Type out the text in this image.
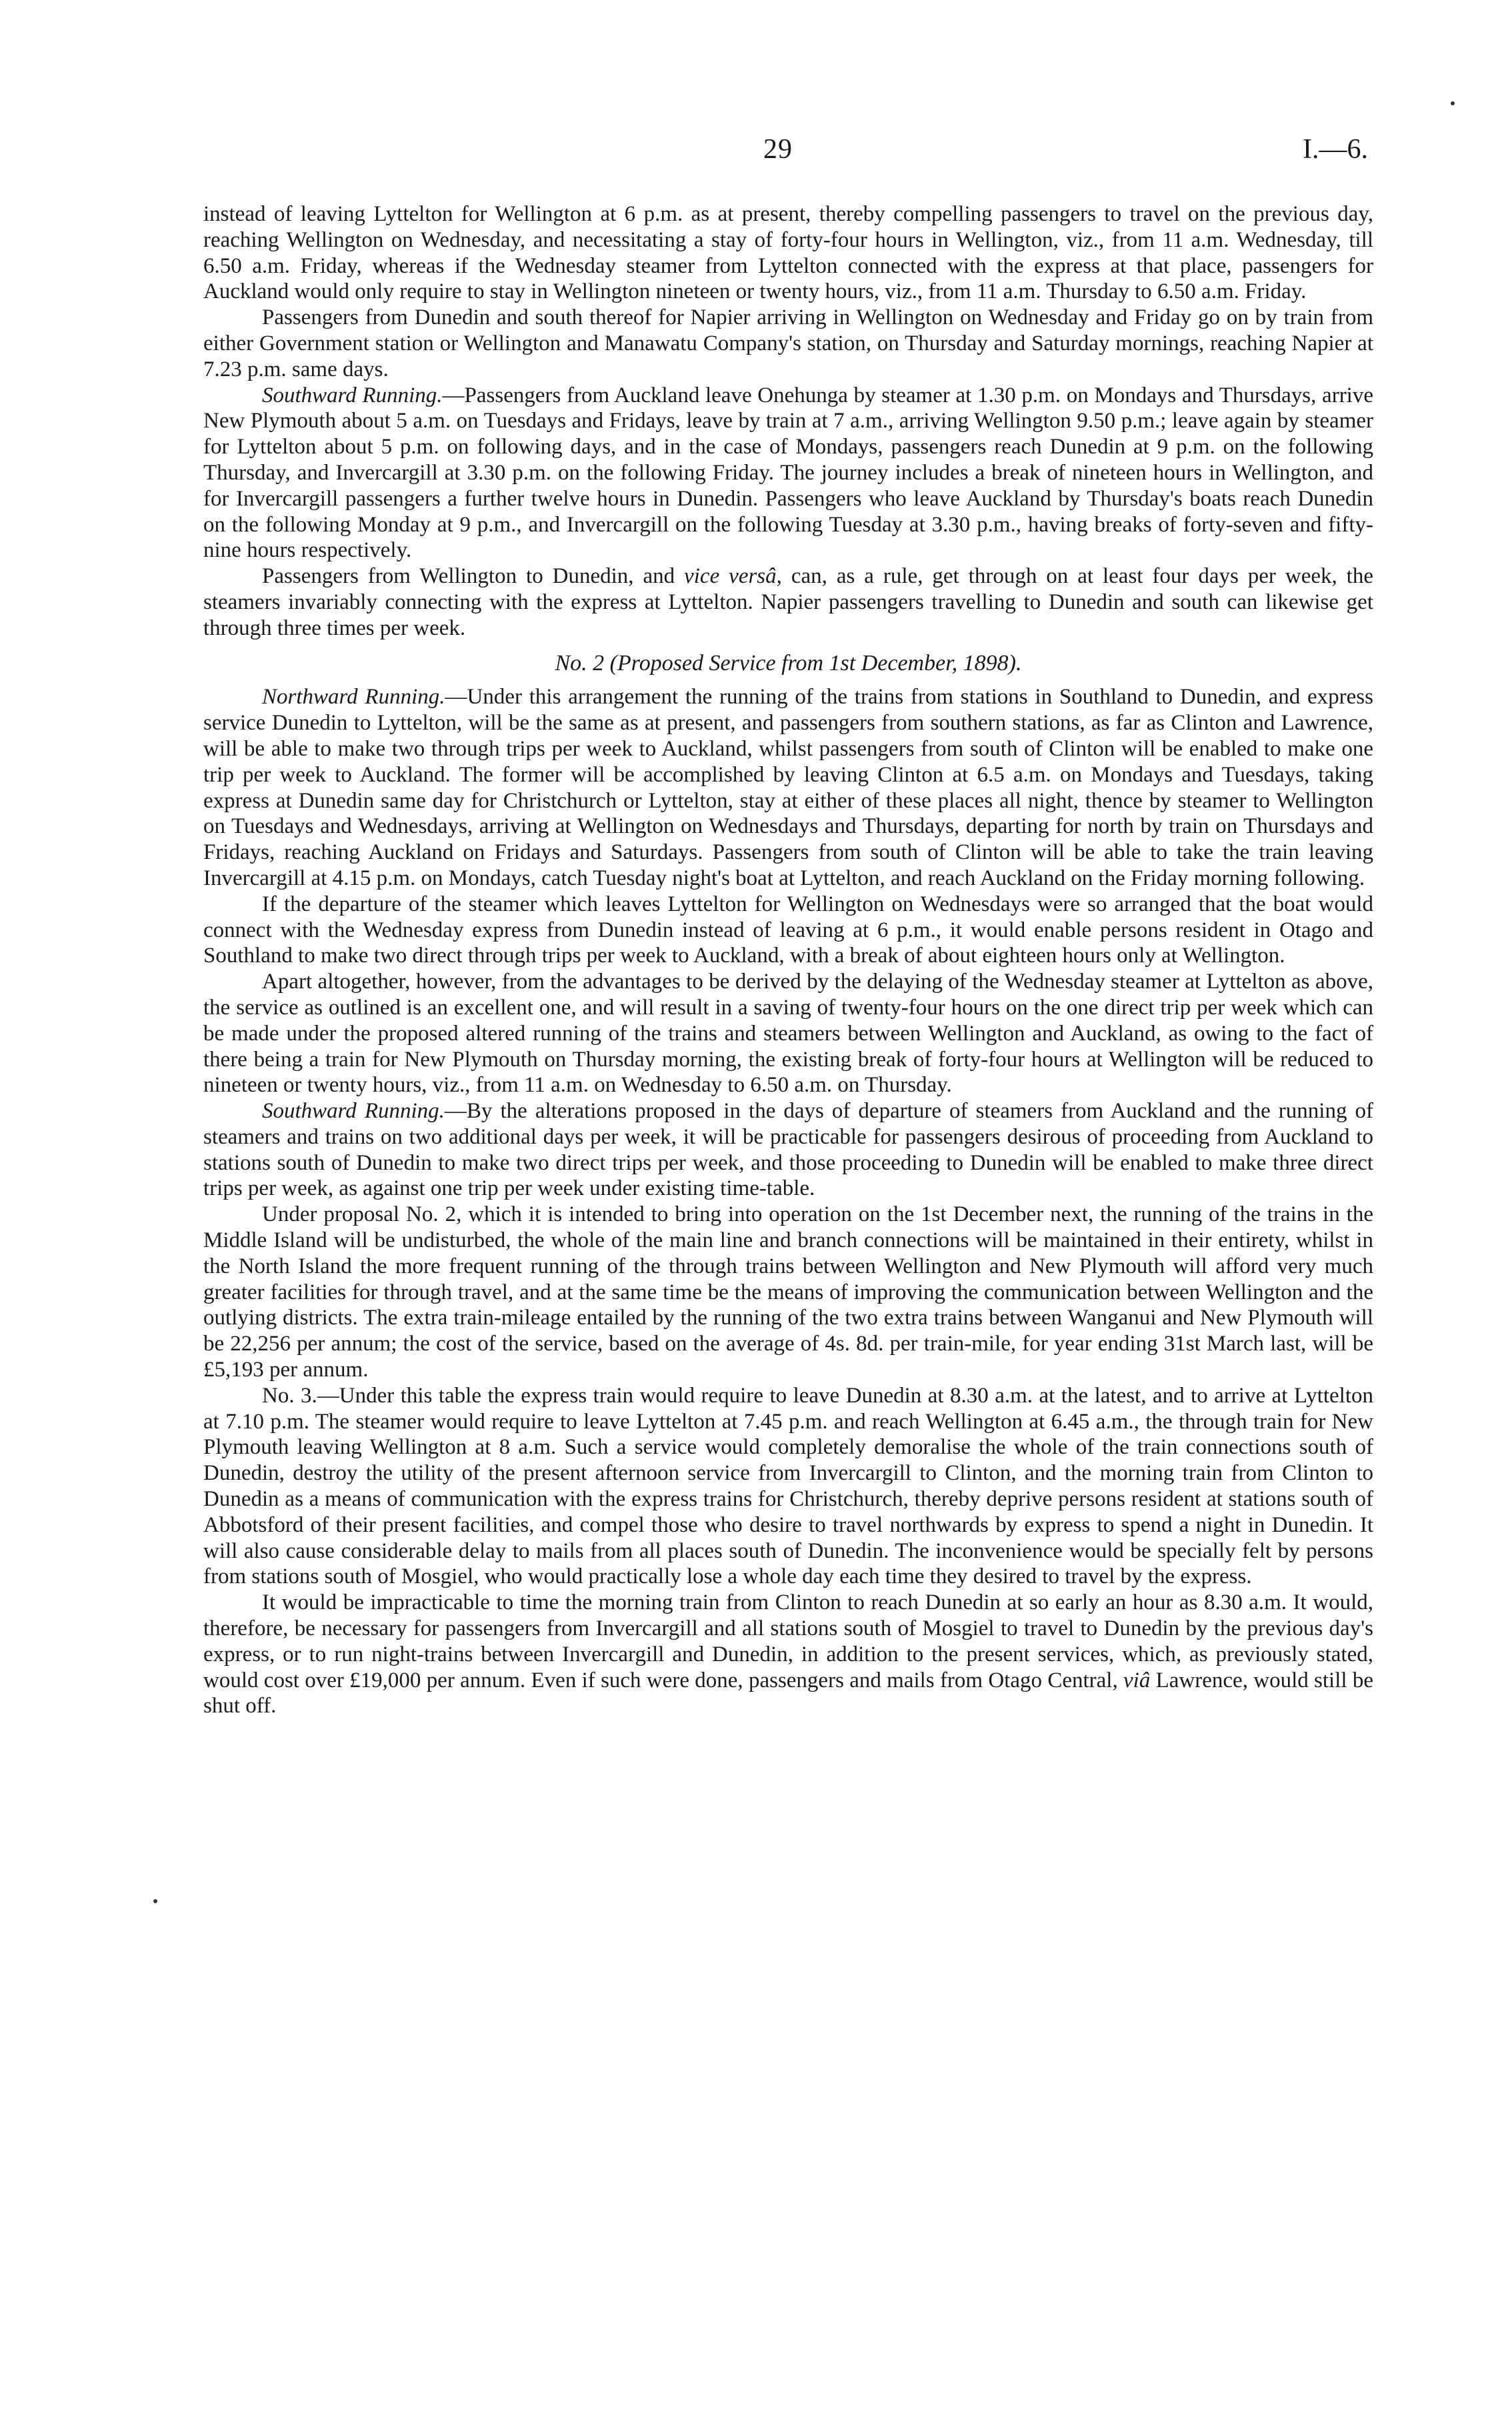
29	I.—6.

instead of leaving Lyttelton for Wellington at 6 p.m. as at present, thereby compelling passengers to travel on the previous day, reaching Wellington on Wednesday, and necessitating a stay of forty-four hours in Wellington, viz., from 11 a.m. Wednesday, till 6.50 a.m. Friday, whereas if the Wednesday steamer from Lyttelton connected with the express at that place, passengers for Auckland would only require to stay in Wellington nineteen or twenty hours, viz., from 11 a.m. Thursday to 6.50 a.m. Friday.

Passengers from Dunedin and south thereof for Napier arriving in Wellington on Wednesday and Friday go on by train from either Government station or Wellington and Manawatu Company's station, on Thursday and Saturday mornings, reaching Napier at 7.23 p.m. same days.

Southward Running.—Passengers from Auckland leave Onehunga by steamer at 1.30 p.m. on Mondays and Thursdays, arrive New Plymouth about 5 a.m. on Tuesdays and Fridays, leave by train at 7 a.m., arriving Wellington 9.50 p.m.; leave again by steamer for Lyttelton about 5 p.m. on following days, and in the case of Mondays, passengers reach Dunedin at 9 p.m. on the following Thursday, and Invercargill at 3.30 p.m. on the following Friday. The journey includes a break of nineteen hours in Wellington, and for Invercargill passengers a further twelve hours in Dunedin. Passengers who leave Auckland by Thursday's boats reach Dunedin on the following Monday at 9 p.m., and Invercargill on the following Tuesday at 3.30 p.m., having breaks of forty-seven and fifty-nine hours respectively.

Passengers from Wellington to Dunedin, and vice versâ, can, as a rule, get through on at least four days per week, the steamers invariably connecting with the express at Lyttelton. Napier passengers travelling to Dunedin and south can likewise get through three times per week.

No. 2 (Proposed Service from 1st December, 1898).

Northward Running.—Under this arrangement the running of the trains from stations in Southland to Dunedin, and express service Dunedin to Lyttelton, will be the same as at present, and passengers from southern stations, as far as Clinton and Lawrence, will be able to make two through trips per week to Auckland, whilst passengers from south of Clinton will be enabled to make one trip per week to Auckland. The former will be accomplished by leaving Clinton at 6.5 a.m. on Mondays and Tuesdays, taking express at Dunedin same day for Christchurch or Lyttelton, stay at either of these places all night, thence by steamer to Wellington on Tuesdays and Wednesdays, arriving at Wellington on Wednesdays and Thursdays, departing for north by train on Thursdays and Fridays, reaching Auckland on Fridays and Saturdays. Passengers from south of Clinton will be able to take the train leaving Invercargill at 4.15 p.m. on Mondays, catch Tuesday night's boat at Lyttelton, and reach Auckland on the Friday morning following.

If the departure of the steamer which leaves Lyttelton for Wellington on Wednesdays were so arranged that the boat would connect with the Wednesday express from Dunedin instead of leaving at 6 p.m., it would enable persons resident in Otago and Southland to make two direct through trips per week to Auckland, with a break of about eighteen hours only at Wellington.

Apart altogether, however, from the advantages to be derived by the delaying of the Wednesday steamer at Lyttelton as above, the service as outlined is an excellent one, and will result in a saving of twenty-four hours on the one direct trip per week which can be made under the proposed altered running of the trains and steamers between Wellington and Auckland, as owing to the fact of there being a train for New Plymouth on Thursday morning, the existing break of forty-four hours at Wellington will be reduced to nineteen or twenty hours, viz., from 11 a.m. on Wednesday to 6.50 a.m. on Thursday.

Southward Running.—By the alterations proposed in the days of departure of steamers from Auckland and the running of steamers and trains on two additional days per week, it will be practicable for passengers desirous of proceeding from Auckland to stations south of Dunedin to make two direct trips per week, and those proceeding to Dunedin will be enabled to make three direct trips per week, as against one trip per week under existing time-table.

Under proposal No. 2, which it is intended to bring into operation on the 1st December next, the running of the trains in the Middle Island will be undisturbed, the whole of the main line and branch connections will be maintained in their entirety, whilst in the North Island the more frequent running of the through trains between Wellington and New Plymouth will afford very much greater facilities for through travel, and at the same time be the means of improving the communication between Wellington and the outlying districts. The extra train-mileage entailed by the running of the two extra trains between Wanganui and New Plymouth will be 22,256 per annum; the cost of the service, based on the average of 4s. 8d. per train-mile, for year ending 31st March last, will be £5,193 per annum.

No. 3.—Under this table the express train would require to leave Dunedin at 8.30 a.m. at the latest, and to arrive at Lyttelton at 7.10 p.m. The steamer would require to leave Lyttelton at 7.45 p.m. and reach Wellington at 6.45 a.m., the through train for New Plymouth leaving Wellington at 8 a.m. Such a service would completely demoralise the whole of the train connections south of Dunedin, destroy the utility of the present afternoon service from Invercargill to Clinton, and the morning train from Clinton to Dunedin as a means of communication with the express trains for Christchurch, thereby deprive persons resident at stations south of Abbotsford of their present facilities, and compel those who desire to travel northwards by express to spend a night in Dunedin. It will also cause considerable delay to mails from all places south of Dunedin. The inconvenience would be specially felt by persons from stations south of Mosgiel, who would practically lose a whole day each time they desired to travel by the express.

It would be impracticable to time the morning train from Clinton to reach Dunedin at so early an hour as 8.30 a.m. It would, therefore, be necessary for passengers from Invercargill and all stations south of Mosgiel to travel to Dunedin by the previous day's express, or to run night-trains between Invercargill and Dunedin, in addition to the present services, which, as previously stated, would cost over £19,000 per annum. Even if such were done, passengers and mails from Otago Central, viâ Lawrence, would still be shut off.
